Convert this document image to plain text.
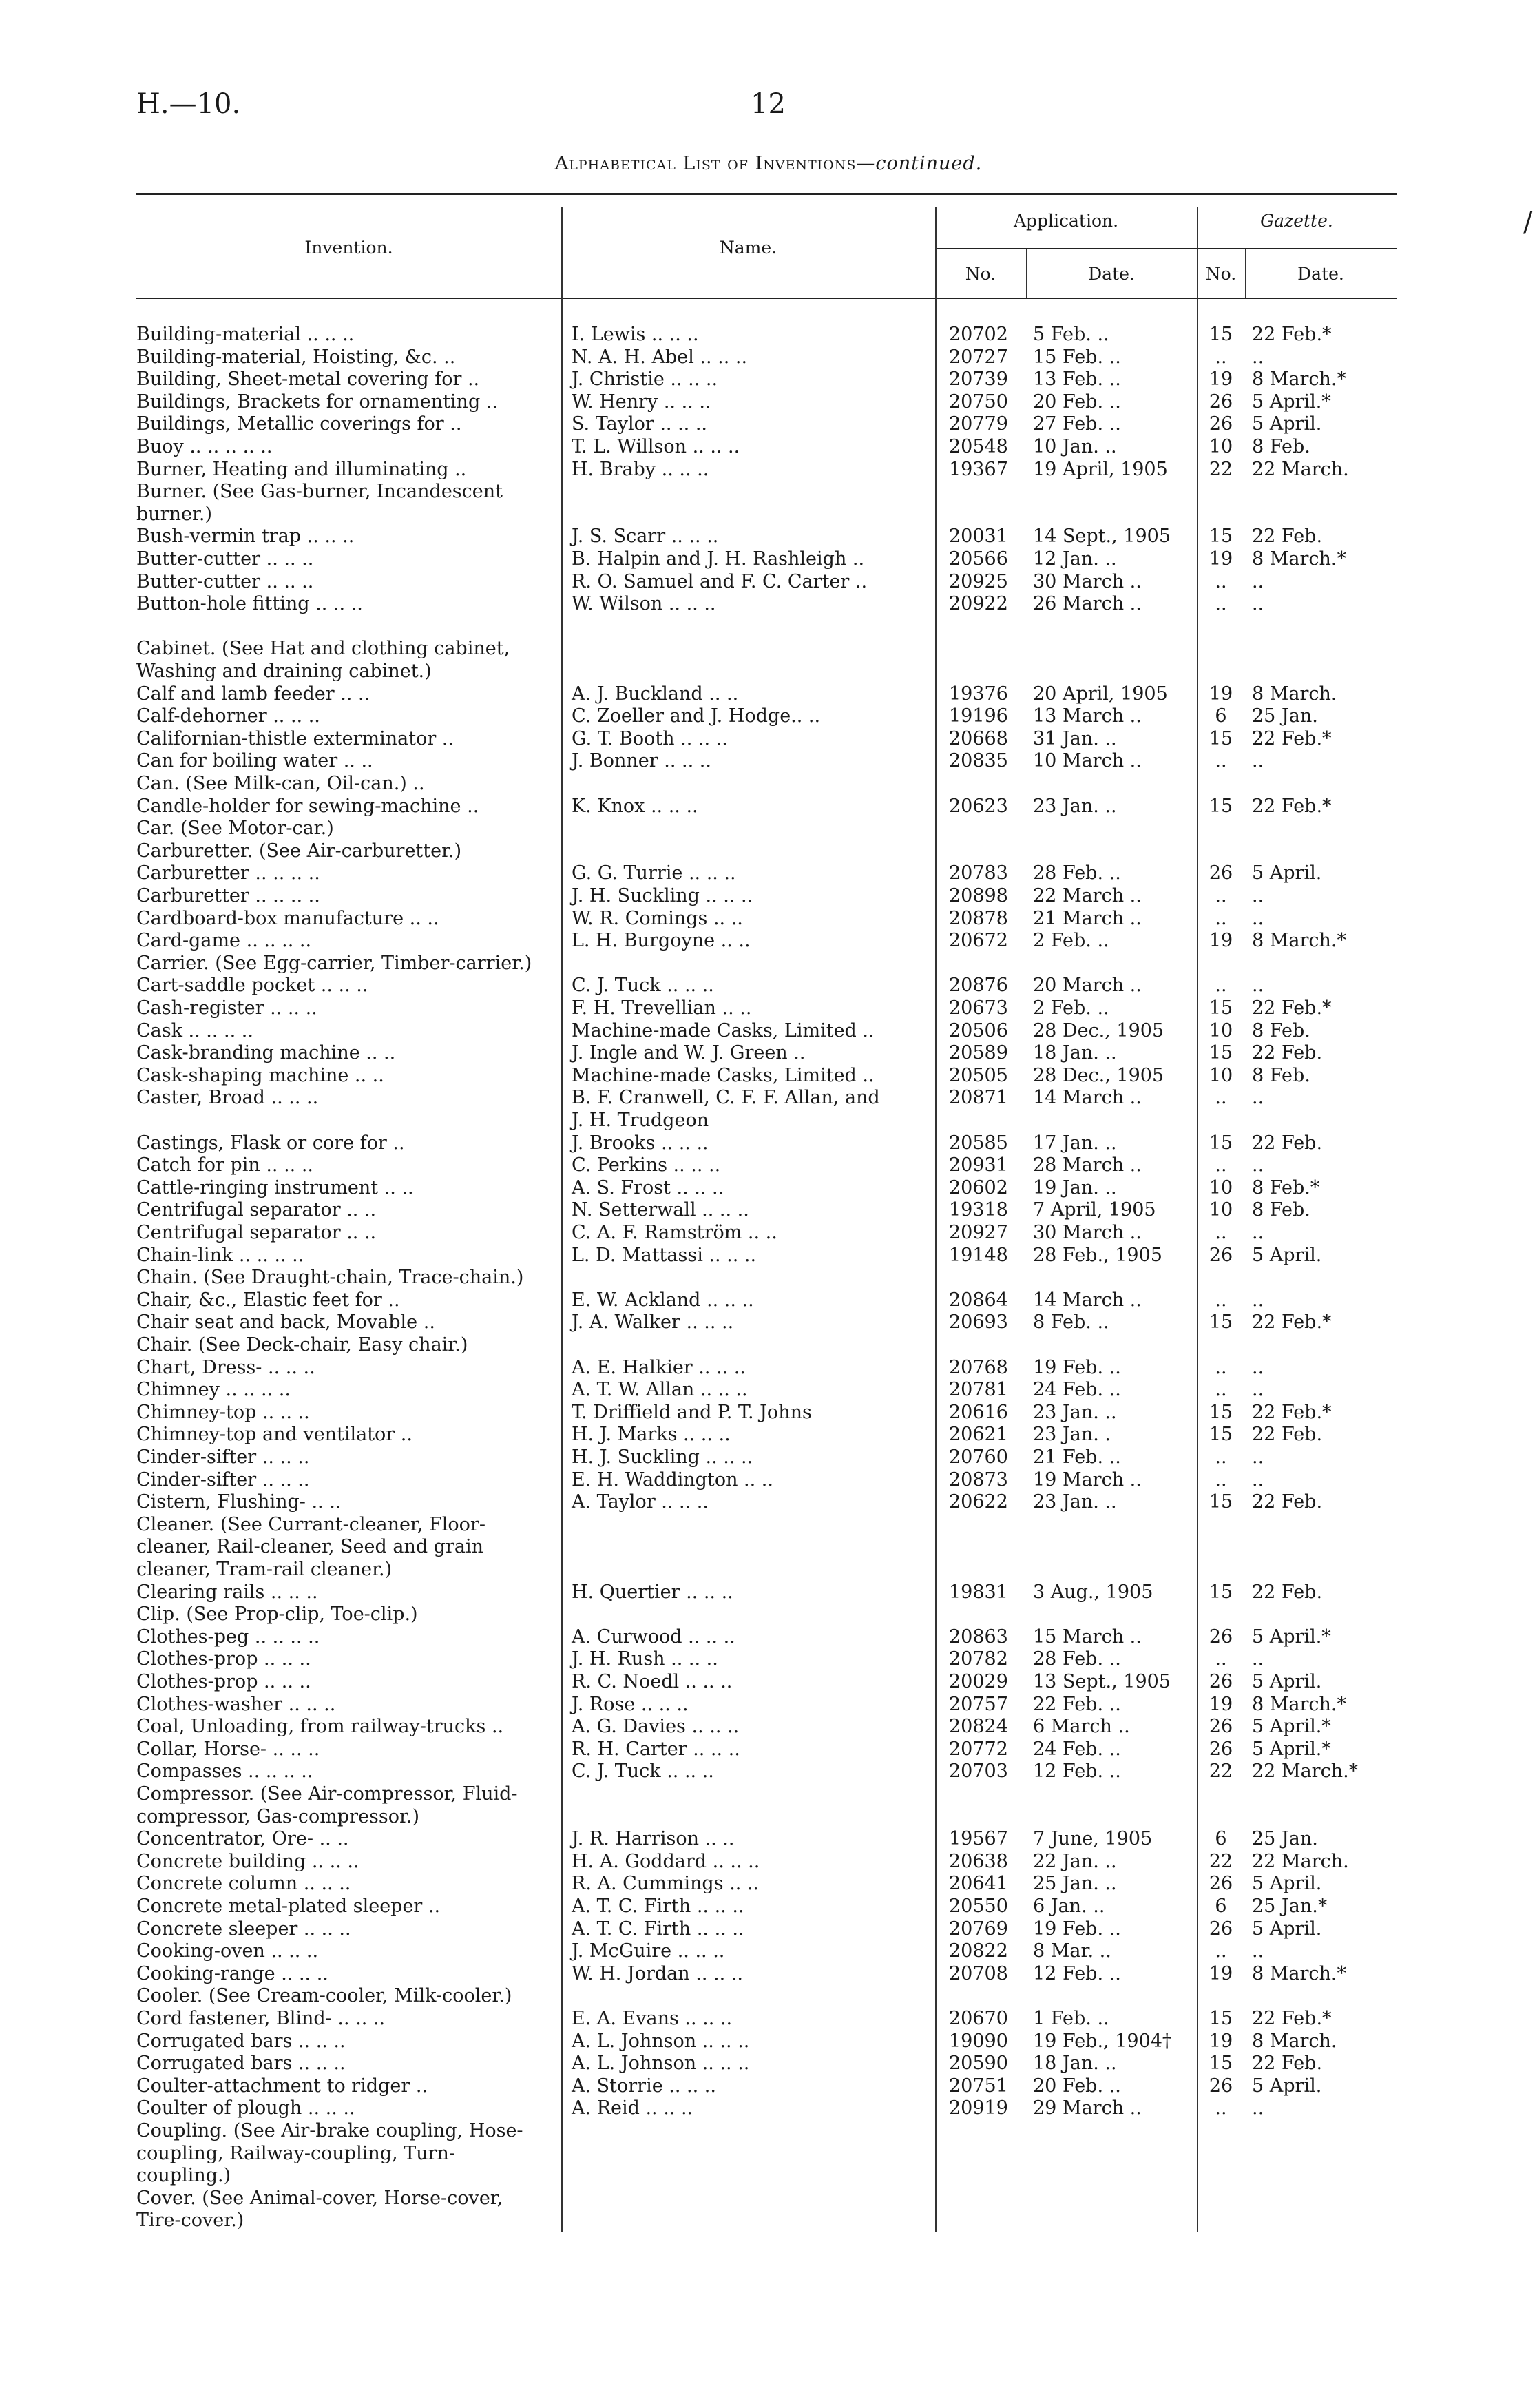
H.—10.	12
Alphabetical List of Inventions—continued.
/
Invention.	Name.
Application.	Gazette.
No.	Date.	No.	Date.
Building-material .. .. ..	I. Lewis .. .. ..	20702	5 Feb. ..	15 22 Feb.*
Building-material, Hoisting, &c. ..	N. A. H. Abel .. .. ..	20727	15 Feb. ..	..	..
Building, Sheet-metal covering for ..	J. Christie .. .. ..	20739	13 Feb. ..	19 8 March.*
Buildings, Brackets for ornamenting ..	W. Henry .. .. ..	20750	20 Feb. ..	26 5 April.*
Buildings, Metallic coverings for ..	S. Taylor .. .. ..	20779	27 Feb. ..	26 5 April.
Buoy .. .. .. .. ..	T. L. Willson .. .. ..	20548	10 Jan. ..	10 8 Feb.
Burner, Heating and illuminating ..	H. Braby .. .. ..	19367	19 April, 1905	22 22 March.
Burner. (See Gas-burner, Incandescent
burner.)
Bush-vermin trap .. .. ..	J. S. Scarr .. .. ..	20031	14 Sept., 1905	15 22 Feb.
Butter-cutter .. .. ..	B. Halpin and J. H. Rashleigh ..	20566	12 Jan. ..	19 8 March.*
Butter-cutter .. .. ..	R. O. Samuel and F. C. Carter ..	20925	30 March ..	..	..
Button-hole fitting .. .. ..	W. Wilson .. .. ..	20922	26 March ..	..	..
Cabinet. (See Hat and clothing cabinet,
Washing and draining cabinet.)
Calf and lamb feeder .. ..	A. J. Buckland .. ..	19376	20 April, 1905	19 8 March.
Calf-dehorner .. .. ..	C. Zoeller and J. Hodge.. ..	19196	13 March ..	6	25 Jan.
Californian-thistle exterminator ..	G. T. Booth .. .. ..	20668	31 Jan. ..	15 22 Feb.*
Can for boiling water .. ..	J. Bonner .. .. ..	20835	10 March ..	..	..
Can. (See Milk-can, Oil-can.) ..
Candle-holder for sewing-machine ..	K. Knox .. .. ..	20623	23 Jan. ..	15 22 Feb.*
Car. (See Motor-car.)
Carburetter. (See Air-carburetter.)
Carburetter .. .. .. ..	G. G. Turrie .. .. ..	20783	28 Feb. ..	26 5 April.
Carburetter .. .. .. ..	J. H. Suckling .. .. ..	20898	22 March ..	..	..
Cardboard-box manufacture .. ..	W. R. Comings .. ..	20878	21 March ..	..	..
Card-game .. .. .. ..	L. H. Burgoyne .. ..	20672	2 Feb. ..	19 8 March.*
Carrier. (See Egg-carrier, Timber-carrier.)
Cart-saddle pocket .. .. ..	C. J. Tuck .. .. ..	20876	20 March ..	..	..
Cash-register .. .. ..	F. H. Trevellian .. ..	20673	2 Feb. ..	15 22 Feb.*
Cask .. .. .. ..	Machine-made Casks, Limited ..	20506	28 Dec., 1905	10 8 Feb.
Cask-branding machine .. ..	J. Ingle and W. J. Green ..	20589	18 Jan. ..	15 22 Feb.
Cask-shaping machine .. ..	Machine-made Casks, Limited ..	20505	28 Dec., 1905	10 8 Feb.
Caster, Broad .. .. ..	B. F. Cranwell, C. F. F. Allan, and	20871	14 March ..	..	..
J. H. Trudgeon
Castings, Flask or core for ..	J. Brooks .. .. ..	20585	17 Jan. ..	15 22 Feb.
Catch for pin .. .. ..	C. Perkins .. .. ..	20931	28 March ..	..	..
Cattle-ringing instrument .. ..	A. S. Frost .. .. ..	20602	19 Jan. ..	10 8 Feb.*
Centrifugal separator .. ..	N. Setterwall .. .. ..	19318	7 April, 1905	10 8 Feb.
Centrifugal separator .. ..	C. A. F. Ramström .. ..	20927	30 March ..	..	..
Chain-link .. .. .. ..	L. D. Mattassi .. .. ..	19148	28 Feb., 1905	26 5 April.
Chain. (See Draught-chain, Trace-chain.)
Chair, &c., Elastic feet for ..	E. W. Ackland .. .. ..	20864	14 March ..	..	..
Chair seat and back, Movable ..	J. A. Walker .. .. ..	20693	8 Feb. ..	15 22 Feb.*
Chair. (See Deck-chair, Easy chair.)
Chart, Dress- .. .. ..	A. E. Halkier .. .. ..	20768	19 Feb. ..	..	..
Chimney .. .. .. ..	A. T. W. Allan .. .. ..	20781	24 Feb. ..	..	..
Chimney-top .. .. ..	T. Driffield and P. T. Johns	20616	23 Jan. ..	15 22 Feb.*
Chimney-top and ventilator ..	H. J. Marks .. .. ..	20621	23 Jan. .	15 22 Feb.
Cinder-sifter .. .. ..	H. J. Suckling .. .. ..	20760	21 Feb. ..	..	..
Cinder-sifter .. .. ..	E. H. Waddington .. ..	20873	19 March ..	..	..
Cistern, Flushing- .. ..	A. Taylor .. .. ..	20622	23 Jan. ..	15 22 Feb.
Cleaner. (See Currant-cleaner, Floor-
cleaner, Rail-cleaner, Seed and grain
cleaner, Tram-rail cleaner.)
Clearing rails .. .. ..	H. Quertier .. .. ..	19831	3 Aug., 1905	15 22 Feb.
Clip. (See Prop-clip, Toe-clip.)
Clothes-peg .. .. .. ..	A. Curwood .. .. ..	20863	15 March ..	26 5 April.*
Clothes-prop .. .. ..	J. H. Rush .. .. ..	20782	28 Feb. ..	..	..
Clothes-prop .. .. ..	R. C. Noedl .. .. ..	20029	13 Sept., 1905	26 5 April.
Clothes-washer .. .. ..	J. Rose .. .. ..	20757	22 Feb. ..	19 8 March.*
Coal, Unloading, from railway-trucks ..	A. G. Davies .. .. ..	20824	6 March ..	26 5 April.*
Collar, Horse- .. .. ..	R. H. Carter .. .. ..	20772	24 Feb. ..	26 5 April.*
Compasses .. .. .. ..	C. J. Tuck .. .. ..	20703	12 Feb. ..	22 22 March.*
Compressor. (See Air-compressor, Fluid-
compressor, Gas-compressor.)
Concentrator, Ore- .. ..	J. R. Harrison .. ..	19567	7 June, 1905	6	25 Jan.
Concrete building .. .. ..	H. A. Goddard .. .. ..	20638	22 Jan. ..	22 22 March.
Concrete column .. .. ..	R. A. Cummings .. ..	20641	25 Jan. ..	26 5 April.
Concrete metal-plated sleeper ..	A. T. C. Firth .. .. ..	20550	6 Jan. ..	6	25 Jan.*
Concrete sleeper .. .. ..	A. T. C. Firth .. .. ..	20769	19 Feb. ..	26 5 April.
Cooking-oven .. .. ..	J. McGuire .. .. ..	20822	8 Mar. ..	..	..
Cooking-range .. .. ..	W. H. Jordan .. .. ..	20708	12 Feb. ..	19 8 March.*
Cooler. (See Cream-cooler, Milk-cooler.)
Cord fastener, Blind- .. .. ..	E. A. Evans .. .. ..	20670	1 Feb. ..	15 22 Feb.*
Corrugated bars .. .. ..	A. L. Johnson .. .. ..	19090	19 Feb., 1904†	19 8 March.
Corrugated bars .. .. ..	A. L. Johnson .. .. ..	20590	18 Jan. ..	15 22 Feb.
Coulter-attachment to ridger ..	A. Storrie .. .. ..	20751	20 Feb. ..	26 5 April.
Coulter of plough .. .. ..	A. Reid .. .. ..	20919	29 March ..	..	..
Coupling. (See Air-brake coupling, Hose-
coupling, Railway-coupling, Turn-
coupling.)
Cover. (See Animal-cover, Horse-cover,
Tire-cover.)
